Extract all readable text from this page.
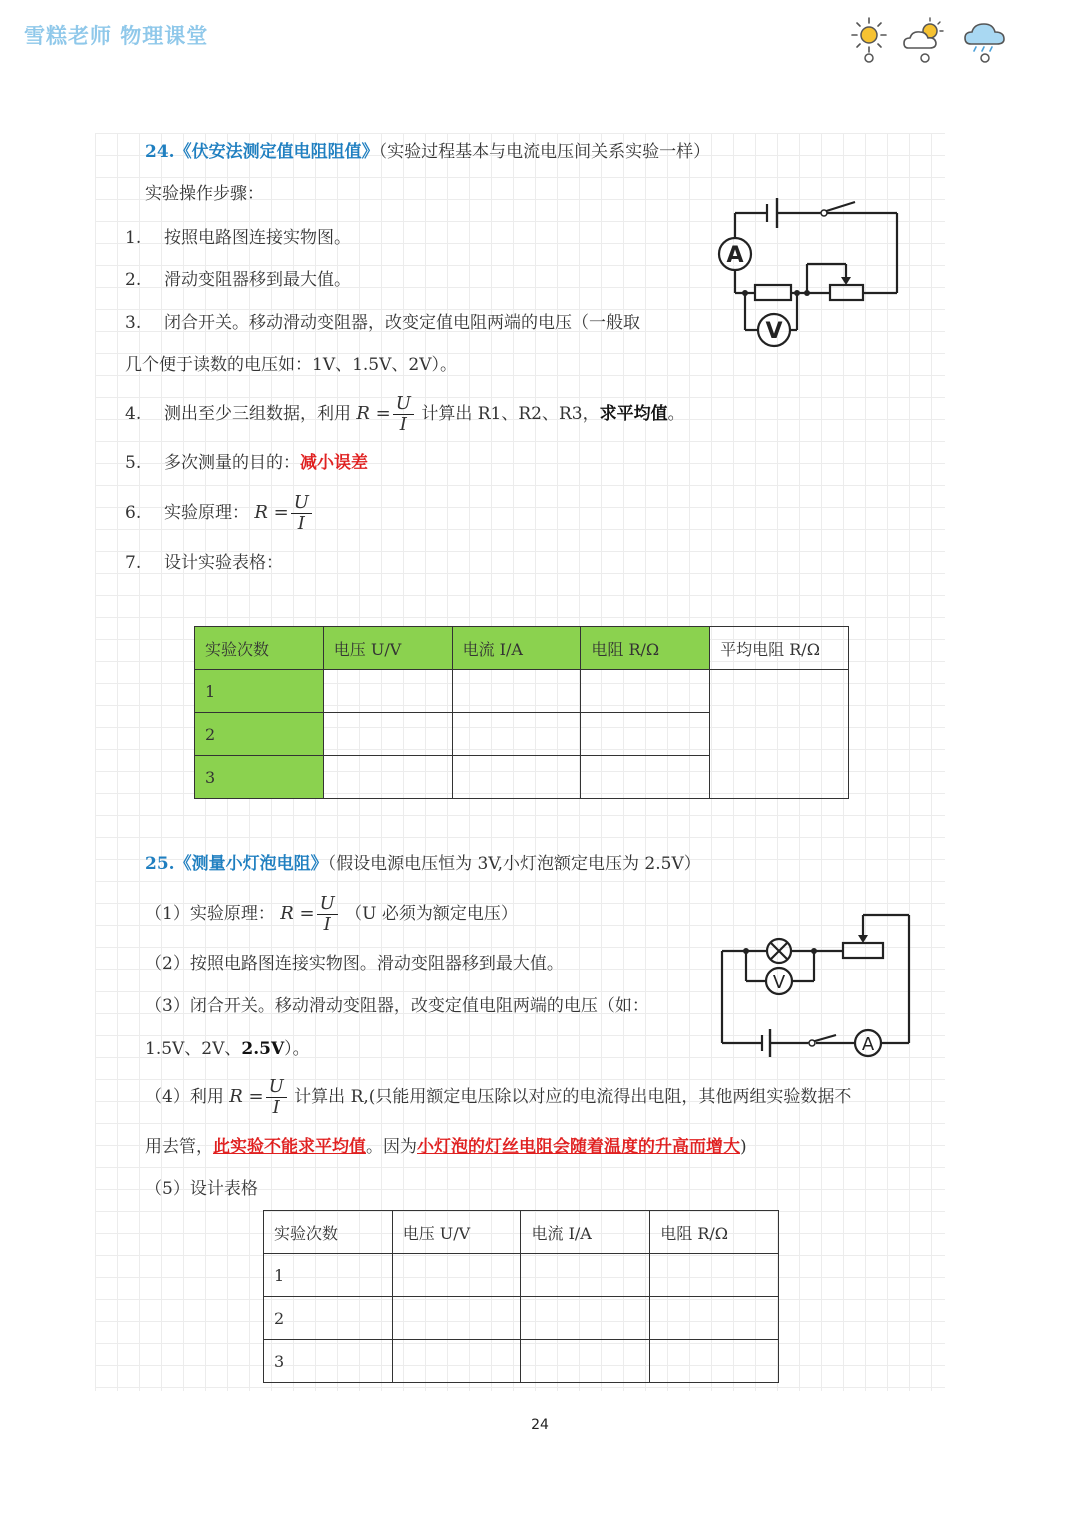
雪糕老师 物理课堂
24.《伏安法测定值电阻阻值》（实验过程基本与电流电压间关系实验一样）
实验操作步骤：
1. 按照电路图连接实物图。
2. 滑动变阻器移到最大值。
3. 闭合开关。移动滑动变阻器，改变定值电阻两端的电压（一般取
几个便于读数的电压如：1V、1.5V、2V）。
4. 测出至少三组数据，利用 $R = \frac{U}{I}$ 计算出 R1、R2、R3，求平均值。
5. 多次测量的目的：减小误差
6. 实验原理： $R = \frac{U}{I}$
7. 设计实验表格：
A
V
实验次数	电压 U/V	电流 I/A	电阻 R/Ω	平均电阻 R/Ω
1				
2				
3				
25.《测量小灯泡电阻》（假设电源电压恒为 3V,小灯泡额定电压为 2.5V）
（1）实验原理： $R = \frac{U}{I} (U$ 必须为额定电压）
（2）按照电路图连接实物图。滑动变阻器移到最大值。
（3）闭合开关。移动滑动变阻器，改变定值电阻两端的电压（如：
1.5V、2V、2.5V）。
（4）利用 $R = \frac{U}{I}$ 计算出 R,(只能用额定电压除以对应的电流得出电阻，其他两组实验数据不
用去管，此实验不能求平均值。因为小灯泡的灯丝电阻会随着温度的升高而增大)
（5）设计表格
V
A
实验次数	电压 U/V	电流 I/A	电阻 R/Ω
1			
2			
3			
24
